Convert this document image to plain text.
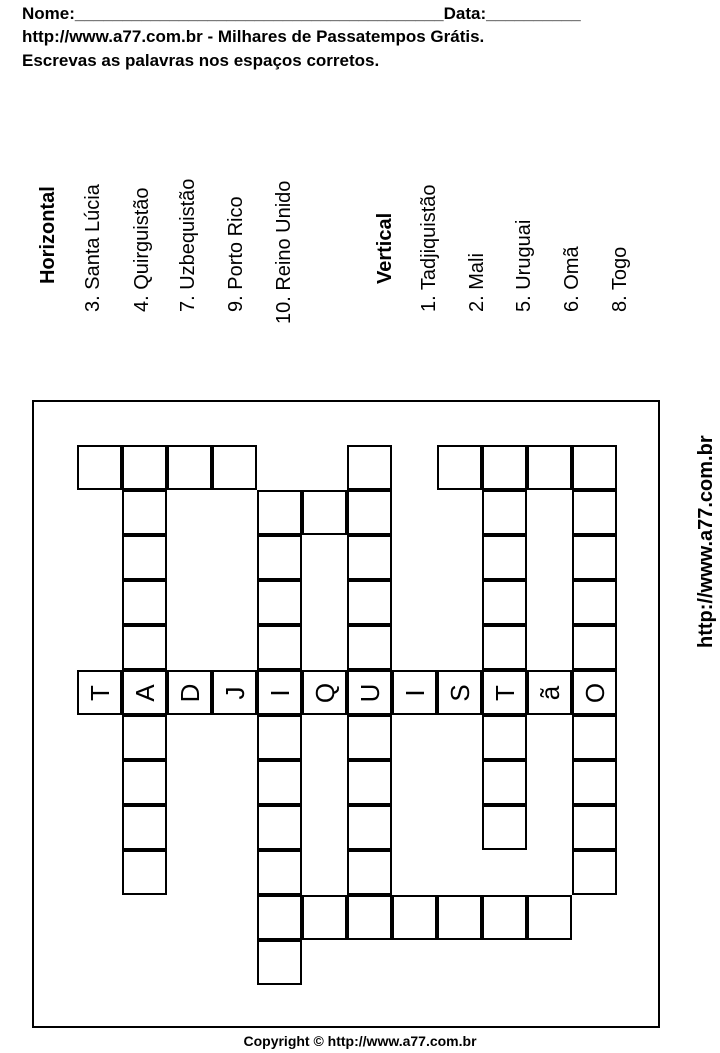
Nome:_______________________________________Data:__________
http://www.a77.com.br - Milhares de Passatempos Grátis.
Escrevas as palavras nos espaços corretos.
Horizontal 3. Santa Lúcia 4. Quirguistão 7. Uzbequistão 9. Porto Rico 10. Reino Unido	Vertical 1. Tadjiquistão 2. Mali 5. Uruguai 6. Omã 8. Togo
T A D J I Q U I S T ã O
http://www.a77.com.br
Copyright © http://www.a77.com.br
